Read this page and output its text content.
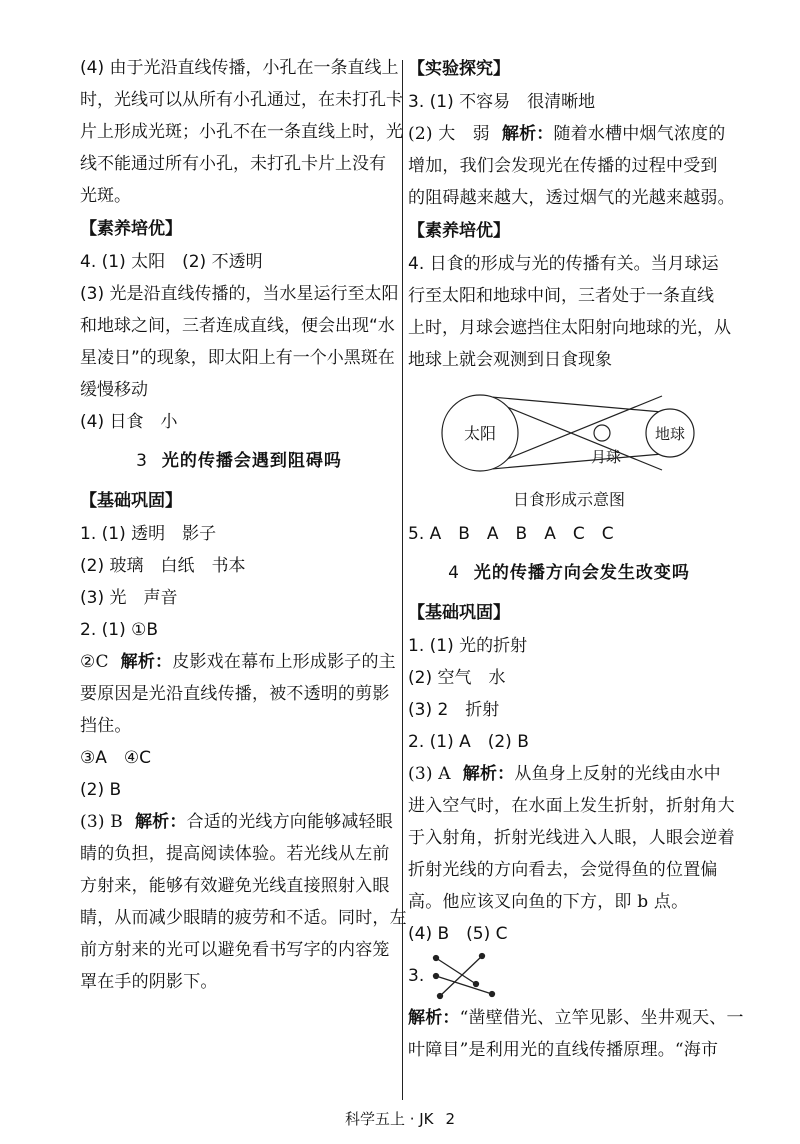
(4) 由于光沿直线传播，小孔在一条直线上
时，光线可以从所有小孔通过，在未打孔卡
片上形成光斑；小孔不在一条直线上时，光
线不能通过所有小孔，未打孔卡片上没有
光斑。
【素养培优】
4. (1) 太阳　(2) 不透明
(3) 光是沿直线传播的，当水星运行至太阳
和地球之间，三者连成直线，便会出现“水
星凌日”的现象，即太阳上有一个小黑斑在
缓慢移动
(4) 日食　小
3 光的传播会遇到阻碍吗
【基础巩固】
1. (1) 透明　影子
(2) 玻璃　白纸　书本
(3) 光　声音
2. (1) ①B
②C 解析：皮影戏在幕布上形成影子的主
要原因是光沿直线传播，被不透明的剪影
挡住。
③A　④C
(2) B
(3) B 解析：合适的光线方向能够减轻眼
睛的负担，提高阅读体验。若光线从左前
方射来，能够有效避免光线直接照射入眼
睛，从而减少眼睛的疲劳和不适。同时，左
前方射来的光可以避免看书写字的内容笼
罩在手的阴影下。
【实验探究】
3. (1) 不容易　很清晰地
(2) 大　弱 解析：随着水槽中烟气浓度的
增加，我们会发现光在传播的过程中受到
的阻碍越来越大，透过烟气的光越来越弱。
【素养培优】
4. 日食的形成与光的传播有关。当月球运
行至太阳和地球中间，三者处于一条直线
上时，月球会遮挡住太阳射向地球的光，从
地球上就会观测到日食现象
太阳	地球
月球
日食形成示意图
5. A　B　A　B　A　C　C
4 光的传播方向会发生改变吗
【基础巩固】
1. (1) 光的折射
(2) 空气　水
(3) 2　折射
2. (1) A　(2) B
(3) A 解析：从鱼身上反射的光线由水中
进入空气时，在水面上发生折射，折射角大
于入射角，折射光线进入人眼，人眼会逆着
折射光线的方向看去，会觉得鱼的位置偏
高。他应该叉向鱼的下方，即 b 点。
(4) B　(5) C
3.
解析：“凿壁借光、立竿见影、坐井观天、一
叶障目”是利用光的直线传播原理。“海市
科学五上 · JK 2
